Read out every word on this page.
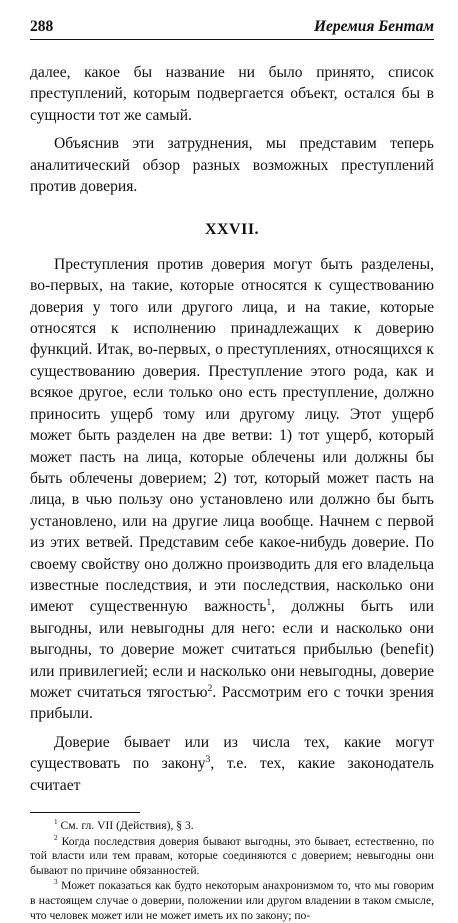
288	Иеремия Бентам

далее, какое бы название ни было принято, список преступлений, которым подвергается объект, остался бы в сущности тот же самый.

Объяснив эти затруднения, мы представим теперь аналитический обзор разных возможных преступлений против доверия.

XXVII.

Преступления против доверия могут быть разделены, во-первых, на такие, которые относятся к существованию доверия у того или другого лица, и на такие, которые относятся к исполнению принадлежащих к доверию функций. Итак, во-первых, о преступлениях, относящихся к существованию доверия. Преступление этого рода, как и всякое другое, если только оно есть преступление, должно приносить ущерб тому или другому лицу. Этот ущерб может быть разделен на две ветви: 1) тот ущерб, который может пасть на лица, которые облечены или должны бы быть облечены доверием; 2) тот, который может пасть на лица, в чью пользу оно установлено или должно бы быть установлено, или на другие лица вообще. Начнем с первой из этих ветвей. Представим себе какое-нибудь доверие. По своему свойству оно должно производить для его владельца известные последствия, и эти последствия, насколько они имеют существенную важность$^1$, должны быть или выгодны, или невыгодны для него: если и насколько они выгодны, то доверие может считаться прибылью (benefit) или привилегией; если и насколько они невыгодны, доверие может считаться тягостью$^2$. Рассмотрим его с точки зрения прибыли.

Доверие бывает или из числа тех, какие могут существовать по закону$^3$, т.е. тех, какие законодатель считает

$^1$ См. гл. VII (Действия), § 3.

$^2$ Когда последствия доверия бывают выгодны, это бывает, естественно, по той власти или тем правам, которые соединяются с доверием; невыгодны они бывают по причине обязанностей.

$^3$ Может показаться как будто некоторым анахронизмом то, что мы говорим в настоящем случае о доверии, положении или другом владении в таком смысле, что человек может или не может иметь их по закону; по-
